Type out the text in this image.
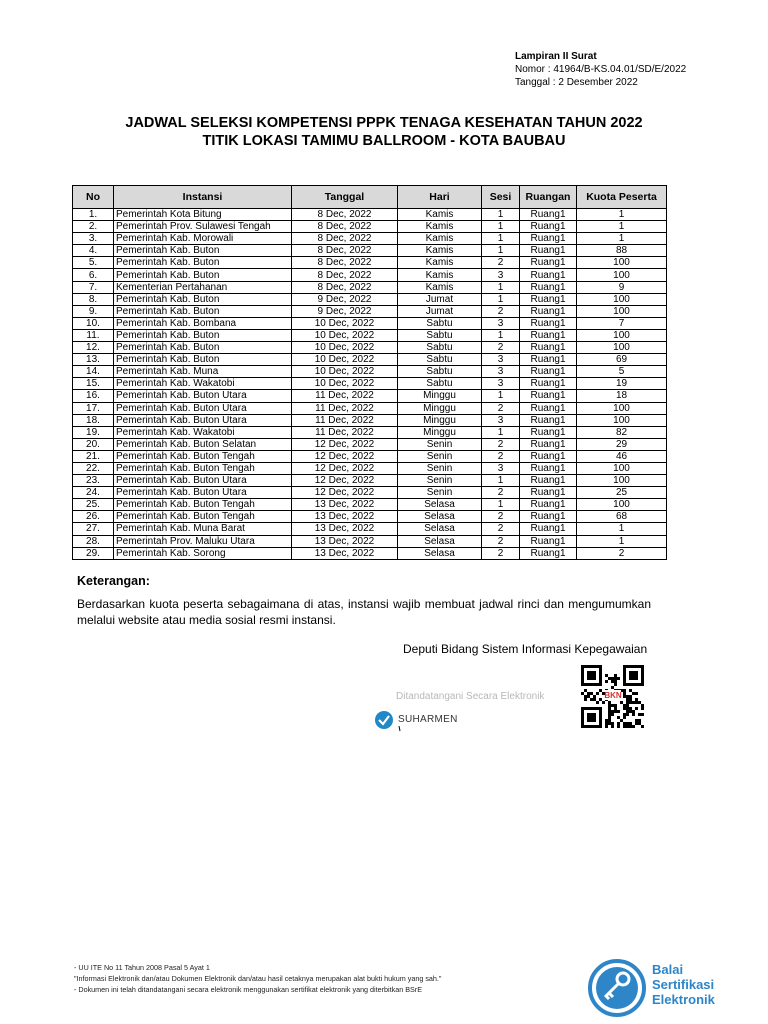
Lampiran II Surat
Nomor : 41964/B-KS.04.01/SD/E/2022
Tanggal : 2 Desember 2022
JADWAL SELEKSI KOMPETENSI PPPK TENAGA KESEHATAN TAHUN 2022
TITIK LOKASI TAMIMU BALLROOM - KOTA BAUBAU
No	Instansi	Tanggal	Hari	Sesi	Ruangan	Kuota Peserta
1.	Pemerintah Kota Bitung	8 Dec, 2022	Kamis	1	Ruang1	1
2.	Pemerintah Prov. Sulawesi Tengah	8 Dec, 2022	Kamis	1	Ruang1	1
3.	Pemerintah Kab. Morowali	8 Dec, 2022	Kamis	1	Ruang1	1
4.	Pemerintah Kab. Buton	8 Dec, 2022	Kamis	1	Ruang1	88
5.	Pemerintah Kab. Buton	8 Dec, 2022	Kamis	2	Ruang1	100
6.	Pemerintah Kab. Buton	8 Dec, 2022	Kamis	3	Ruang1	100
7.	Kementerian Pertahanan	8 Dec, 2022	Kamis	1	Ruang1	9
8.	Pemerintah Kab. Buton	9 Dec, 2022	Jumat	1	Ruang1	100
9.	Pemerintah Kab. Buton	9 Dec, 2022	Jumat	2	Ruang1	100
10.	Pemerintah Kab. Bombana	10 Dec, 2022	Sabtu	3	Ruang1	7
11.	Pemerintah Kab. Buton	10 Dec, 2022	Sabtu	1	Ruang1	100
12.	Pemerintah Kab. Buton	10 Dec, 2022	Sabtu	2	Ruang1	100
13.	Pemerintah Kab. Buton	10 Dec, 2022	Sabtu	3	Ruang1	69
14.	Pemerintah Kab. Muna	10 Dec, 2022	Sabtu	3	Ruang1	5
15.	Pemerintah Kab. Wakatobi	10 Dec, 2022	Sabtu	3	Ruang1	19
16.	Pemerintah Kab. Buton Utara	11 Dec, 2022	Minggu	1	Ruang1	18
17.	Pemerintah Kab. Buton Utara	11 Dec, 2022	Minggu	2	Ruang1	100
18.	Pemerintah Kab. Buton Utara	11 Dec, 2022	Minggu	3	Ruang1	100
19.	Pemerintah Kab. Wakatobi	11 Dec, 2022	Minggu	1	Ruang1	82
20.	Pemerintah Kab. Buton Selatan	12 Dec, 2022	Senin	2	Ruang1	29
21.	Pemerintah Kab. Buton Tengah	12 Dec, 2022	Senin	2	Ruang1	46
22.	Pemerintah Kab. Buton Tengah	12 Dec, 2022	Senin	3	Ruang1	100
23.	Pemerintah Kab. Buton Utara	12 Dec, 2022	Senin	1	Ruang1	100
24.	Pemerintah Kab. Buton Utara	12 Dec, 2022	Senin	2	Ruang1	25
25.	Pemerintah Kab. Buton Tengah	13 Dec, 2022	Selasa	1	Ruang1	100
26.	Pemerintah Kab. Buton Tengah	13 Dec, 2022	Selasa	2	Ruang1	68
27.	Pemerintah Kab. Muna Barat	13 Dec, 2022	Selasa	2	Ruang1	1
28.	Pemerintah Prov. Maluku Utara	13 Dec, 2022	Selasa	2	Ruang1	1
29.	Pemerintah Kab. Sorong	13 Dec, 2022	Selasa	2	Ruang1	2
Keterangan:
Berdasarkan kuota peserta sebagaimana di atas, instansi wajib membuat jadwal rinci dan mengumumkan melalui website atau media sosial resmi instansi.
Deputi Bidang Sistem Informasi Kepegawaian
Ditandatangani Secara Elektronik
SUHARMEN
BKN
- UU ITE No 11 Tahun 2008 Pasal 5 Ayat 1
"Informasi Elektronik dan/atau Dokumen Elektronik dan/atau hasil cetaknya merupakan alat bukti hukum yang sah."
- Dokumen ini telah ditandatangani secara elektronik menggunakan sertifikat elektronik yang diterbitkan BSrE
Balai
Sertifikasi
Elektronik
